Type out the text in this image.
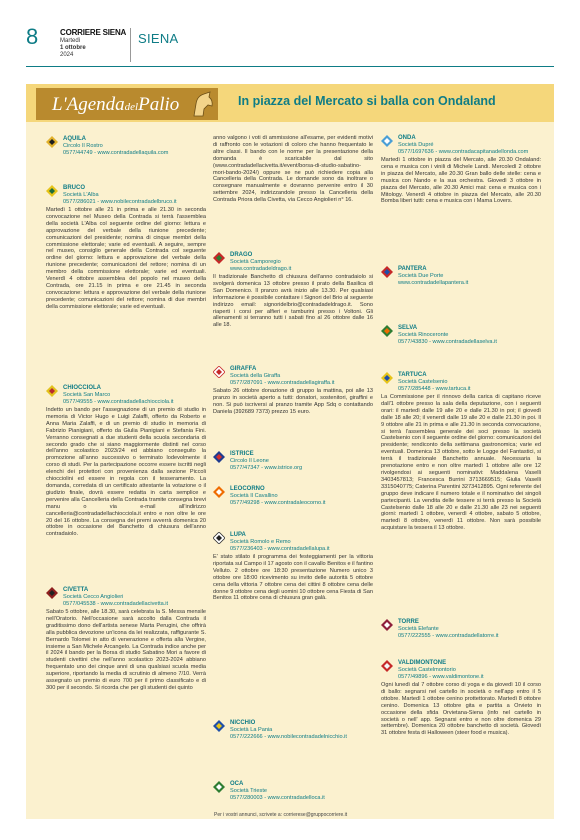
8	CORRIERE SIENA
Martedì
1 ottobre
2024
SIENA
L'AgendadelPalio	In piazza del Mercato si balla con Ondaland
AQUILA
Circolo Il Rostro
0577/44749 - www.contradadellaquila.com
BRUCO
Società L'Alba
0577/286021 - www.nobilecontradadelbruco.it
Martedì 1 ottobre alle 21 in prima e alle 21.30 in seconda convocazione nel Museo della Contrada si terrà l'assemblea della società L'Alba col seguente ordine del giorno: lettura e approvazione del verbale della riunione precedente; comunicazioni del presidente; nomina di cinque membri della commissione elettorale; varie ed eventuali. A seguire, sempre nel museo, consiglio generale della Contrada col seguente ordine del giorno: lettura e approvazione del verbale della riunione precedente; comunicazioni del rettore; nomina di un membro della commissione elettorale; varie ed eventuali. Venerdì 4 ottobre assemblea del popolo nel museo della Contrada, ore 21.15 in prima e ore 21.45 in seconda convocazione: lettura e approvazione del verbale della riunione precedente; comunicazioni del rettore; nomina di due membri della commissione elettorale; varie ed eventuali.
CHIOCCIOLA
Società San Marco
0577/49555 - www.contradadellachiocciola.it
Indetto un bando per l'assegnazione di un premio di studio in memoria di Victor Hugo e Luigi Zalaffi, offerto da Roberto e Anna Maria Zalaffi, e di un premio di studio in memoria di Fabrizio Pianigiani, offerto da Giulia Pianigiani e Stefania Fini. Verranno consegnati a due studenti della scuola secondaria di secondo grado che si siano maggiormente distinti nel corso dell'anno scolastico 2023/24 ed abbiano conseguito la promozione all'anno successivo o terminato lodevolmente il corso di studi. Per la partecipazione occorre essere iscritti negli elenchi dei protettori con provenienza dalla sezione Piccoli chiocciolini ed essere in regola con il tesseramento. La domanda, corredata di un certificato attestante la votazione o il giudizio finale, dovrà essere redatta in carta semplice e pervenire alla Cancelleria della Contrada tramite consegna brevi manu o via e-mail all'indirizzo cancelleria@contradadellachiocciola.it entro e non oltre le ore 20 del 16 ottobre. La consegna dei premi avverrà domenica 20 ottobre in occasione del Banchetto di chiusura dell'anno contradaiolo.
CIVETTA
Società Cecco Angiolieri
0577/045538 - www.contradadellacivetta.it
Sabato 5 ottobre, alle 18.30, sarà celebrata la S. Messa mensile nell'Oratorio. Nell'occasione sarà accolto dalla Contrada il graditissimo dono dell'artista senese Marta Perugini, che offrirà alla pubblica devozione un'icona da lei realizzata, raffigurante S. Bernardo Tolomei in atto di venerazione e offerta alla Vergine, insieme a San Michele Arcangelo. La Contrada indice anche per il 2024 il bando per la Borsa di studio Sabatino Mori a favore di studenti civettini che nell'anno scolastico 2023-2024 abbiano frequentato uno dei cinque anni di una qualsiasi scuola media superiore, riportando la media di scrutinio di almeno 7/10. Verrà assegnato un premio di euro 700 per il primo classificato e di 300 per il secondo. Si ricorda che per gli studenti dei quinto
anno valgono i voti di ammissione all'esame, per evidenti motivi di raffronto con le votazioni di coloro che hanno frequentato le altre classi. Il bando con le norme per la presentazione della domanda è scaricabile dal sito (www.contradadellacivetta.it/event/borsa-di-studio-sabatino-mori-bando-2024/) oppure se ne può richiedere copia alla Cancelleria della Contrada. Le domande sono da inoltrare o consegnare manualmente e dovranno pervenire entro il 30 settembre 2024, indirizzandole presso la Cancelleria della Contrada Priora della Civetta, via Cecco Angiolieri n° 16.
DRAGO
Società Camporegio
www.contradadeldrago.it
Il tradizionale Banchetto di chiusura dell'anno contradaiolo si svolgerà domenica 13 ottobre presso il prato della Basilica di San Domenico. Il pranzo avrà inizio alle 13.30. Per qualsiasi informazione è possibile contattare i Signori del Brio al seguente indirizzo email: signoridelbrio@contradadeldrago.it. Sono riaperti i corsi per alfieri e tamburini presso i Voltoni. Gli allenamenti si terranno tutti i sabati fino al 26 ottobre dalle 16 alle 18.
GIRAFFA
Società della Giraffa
0577/287091 - www.contradadellagiraffa.it
Sabato 26 ottobre donazione di gruppo la mattina, poi alle 13 pranzo in società aperto a tutti: donatori, sostenitori, giraffini e non. Si può iscriversi al pranzo tramite App Sdq o contattando Daniela (392689 7373) prezzo 15 euro.
ISTRICE
Circolo Il Leone
0577/47347 - www.istrice.org
LEOCORNO
Società Il Cavallino
0577/49298 - www.contradaleocorno.it
LUPA
Società Romolo e Remo
0577/236403 - www.contradadellalupa.it
E' stato stilato il programma dei festeggiamenti per la vittoria riportata sul Campo il 17 agosto con il cavallo Benitos e il fantino Velluto. 2 ottobre ore 18:30 presentazione Numero unico 3 ottobre ore 18:00 ricevimento su invito delle autorità 5 ottobre cena della vittoria 7 ottobre cena dei cittini 8 ottobre cena delle donne 9 ottobre cena degli uomini 10 ottobre cena Fiesta di San Benitos 11 ottobre cena di chiusura gran galà.
NICCHIO
Società La Pania
0577/222666 - www.nobilecontradadelnicchio.it
OCA
Società Trieste
0577/280003 - www.contradadelloca.it
ONDA
Società Dupré
0577/1697636 - www.contradacapitanadellonda.com
Martedì 1 ottobre in piazza del Mercato, alle 20.30 Ondaland: cena e musica con i vinili di Michele Landi. Mercoledì 2 ottobre in piazza del Mercato, alle 20.30 Gran ballo delle stelle: cena e musica con Nando e la sua orchestra. Giovedì 3 ottobre in piazza del Mercato, alle 20.30 Amici mai: cena e musica con i Mitology. Venerdì 4 ottobre in piazza del Mercato, alle 20.30 Bomba liberi tutti: cena e musica con i Mama Lovers.
PANTERA
Società Due Porte
www.contradadellapantera.it
SELVA
Società Rinoceronte
0577/43830 - www.contradadellaselva.it
TARTUCA
Società Castelsenio
0577/285448 - www.tartuca.it
La Commissione per il rinnovo della carica di capitano riceve dall'1 ottobre presso la sala della deputazione, con i seguenti orari: il martedì dalle 19 alle 20 e dalle 21.30 in poi; il giovedì dalle 18 alle 20; il venerdì dalle 19 alle 20 e dalle 21.30 in poi. Il 9 ottobre alle 21 in prima e alle 21.30 in seconda convocazione, si terrà l'assemblea generale dei soci presso la società Castelsenio con il seguente ordine del giorno: comunicazioni del presidente; rendiconto della settimana gastronomica; varie ed eventuali. Domenica 13 ottobre, sotto le Logge del Fantastici, si terrà il tradizionale Banchetto annuale. Necessaria la prenotazione entro e non oltre martedì 1 ottobre alle ore 12 rivolgendosi ai seguenti nominativi: Maddalena Vaselli 3403457813; Francesca Burrini 3713669515; Giulia Vaselli 3315040775; Caterina Parentini 3273412895. Ogni referente del gruppo deve indicare il numero totale e il nominativo dei singoli partecipanti. La vendita delle tessere si terrà presso la Società Castelsenio dalle 18 alle 20 e dalle 21.30 alle 23 nei seguenti giorni: martedì 1 ottobre, venerdì 4 ottobre, sabato 5 ottobre, martedì 8 ottobre, venerdì 11 ottobre. Non sarà possibile acquistare la tessera il 13 ottobre.
TORRE
Società Elefante
0577/222555 - www.contradadellatorre.it
VALDIMONTONE
Società Castelmontorio
0577/49896 - www.valdimontone.it
Ogni lunedì dal 7 ottobre corso di yoga e da giovedì 10 il corso di ballo: segnarsi nel cartello in società o nell'app entro il 5 ottobre. Martedì 1 ottobre cenino prottettorato. Martedì 8 ottobre cenino. Domenica 13 ottobre gita e partita a Orvieto in occasione della sfida Orvietana-Siena (info nel cartello in società o nell' app. Segnarsi entro e non oltre domenica 29 settembre). Domenica 20 ottobre banchetto di società. Giovedì 31 ottobre festa di Halloween (steer food e musica).
Per i vostri annunci, scrivete a: corrierese@gruppocorriere.it
